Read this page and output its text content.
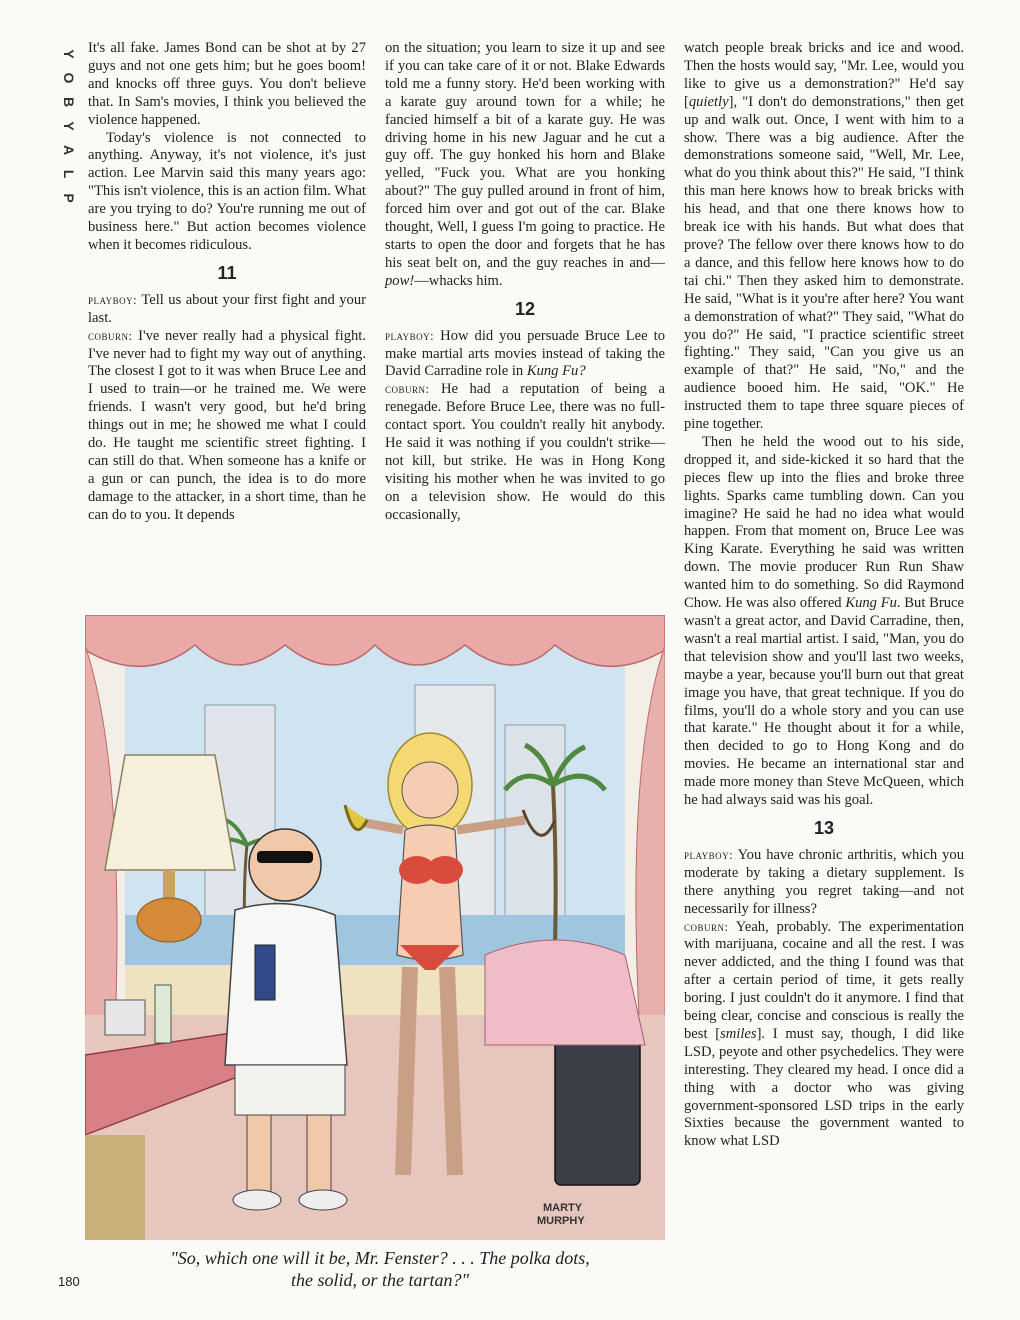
Y
O
B
Y
A
L
P

It's all fake. James Bond can be shot at by 27 guys and not one gets him; but he goes boom! and knocks off three guys. You don't believe that. In Sam's movies, I think you believed the violence happened.

Today's violence is not connected to anything. Anyway, it's not violence, it's just action. Lee Marvin said this many years ago: "This isn't violence, this is an action film. What are you trying to do? You're running me out of business here." But action becomes violence when it becomes ridiculous.

11

playboy: Tell us about your first fight and your last.

coburn: I've never really had a physical fight. I've never had to fight my way out of anything. The closest I got to it was when Bruce Lee and I used to train—or he trained me. We were friends. I wasn't very good, but he'd bring things out in me; he showed me what I could do. He taught me scientific street fighting. I can still do that. When someone has a knife or a gun or can punch, the idea is to do more damage to the attacker, in a short time, than he can do to you. It depends

on the situation; you learn to size it up and see if you can take care of it or not. Blake Edwards told me a funny story. He'd been working with a karate guy around town for a while; he fancied himself a bit of a karate guy. He was driving home in his new Jaguar and he cut a guy off. The guy honked his horn and Blake yelled, "Fuck you. What are you honking about?" The guy pulled around in front of him, forced him over and got out of the car. Blake thought, Well, I guess I'm going to practice. He starts to open the door and forgets that he has his seat belt on, and the guy reaches in and—pow!—whacks him.

12

playboy: How did you persuade Bruce Lee to make martial arts movies instead of taking the David Carradine role in Kung Fu?

coburn: He had a reputation of being a renegade. Before Bruce Lee, there was no full-contact sport. You couldn't really hit anybody. He said it was nothing if you couldn't strike—not kill, but strike. He was in Hong Kong visiting his mother when he was invited to go on a television show. He would do this occasionally,

watch people break bricks and ice and wood. Then the hosts would say, "Mr. Lee, would you like to give us a demonstration?" He'd say [quietly], "I don't do demonstrations," then get up and walk out. Once, I went with him to a show. There was a big audience. After the demonstrations someone said, "Well, Mr. Lee, what do you think about this?" He said, "I think this man here knows how to break bricks with his head, and that one there knows how to break ice with his hands. But what does that prove? The fellow over there knows how to do a dance, and this fellow here knows how to do tai chi." Then they asked him to demonstrate. He said, "What is it you're after here? You want a demonstration of what?" They said, "What do you do?" He said, "I practice scientific street fighting." They said, "Can you give us an example of that?" He said, "No," and the audience booed him. He said, "OK." He instructed them to tape three square pieces of pine together.

Then he held the wood out to his side, dropped it, and side-kicked it so hard that the pieces flew up into the flies and broke three lights. Sparks came tumbling down. Can you imagine? He said he had no idea what would happen. From that moment on, Bruce Lee was King Karate. Everything he said was written down. The movie producer Run Run Shaw wanted him to do something. So did Raymond Chow. He was also offered Kung Fu. But Bruce wasn't a great actor, and David Carradine, then, wasn't a real martial artist. I said, "Man, you do that television show and you'll last two weeks, maybe a year, because you'll burn out that great image you have, that great technique. If you do films, you'll do a whole story and you can use that karate." He thought about it for a while, then decided to go to Hong Kong and do movies. He became an international star and made more money than Steve McQueen, which he had always said was his goal.

13

playboy: You have chronic arthritis, which you moderate by taking a dietary supplement. Is there anything you regret taking—and not necessarily for illness?

coburn: Yeah, probably. The experimentation with marijuana, cocaine and all the rest. I was never addicted, and the thing I found was that after a certain period of time, it gets really boring. I just couldn't do it anymore. I find that being clear, concise and conscious is really the best [smiles]. I must say, though, I did like LSD, peyote and other psychedelics. They were interesting. They cleared my head. I once did a thing with a doctor who was giving government-sponsored LSD trips in the early Sixties because the government wanted to know what LSD

MARTY
MURPHY
"So, which one will it be, Mr. Fenster? . . . The polka dots,
the solid, or the tartan?"
180
